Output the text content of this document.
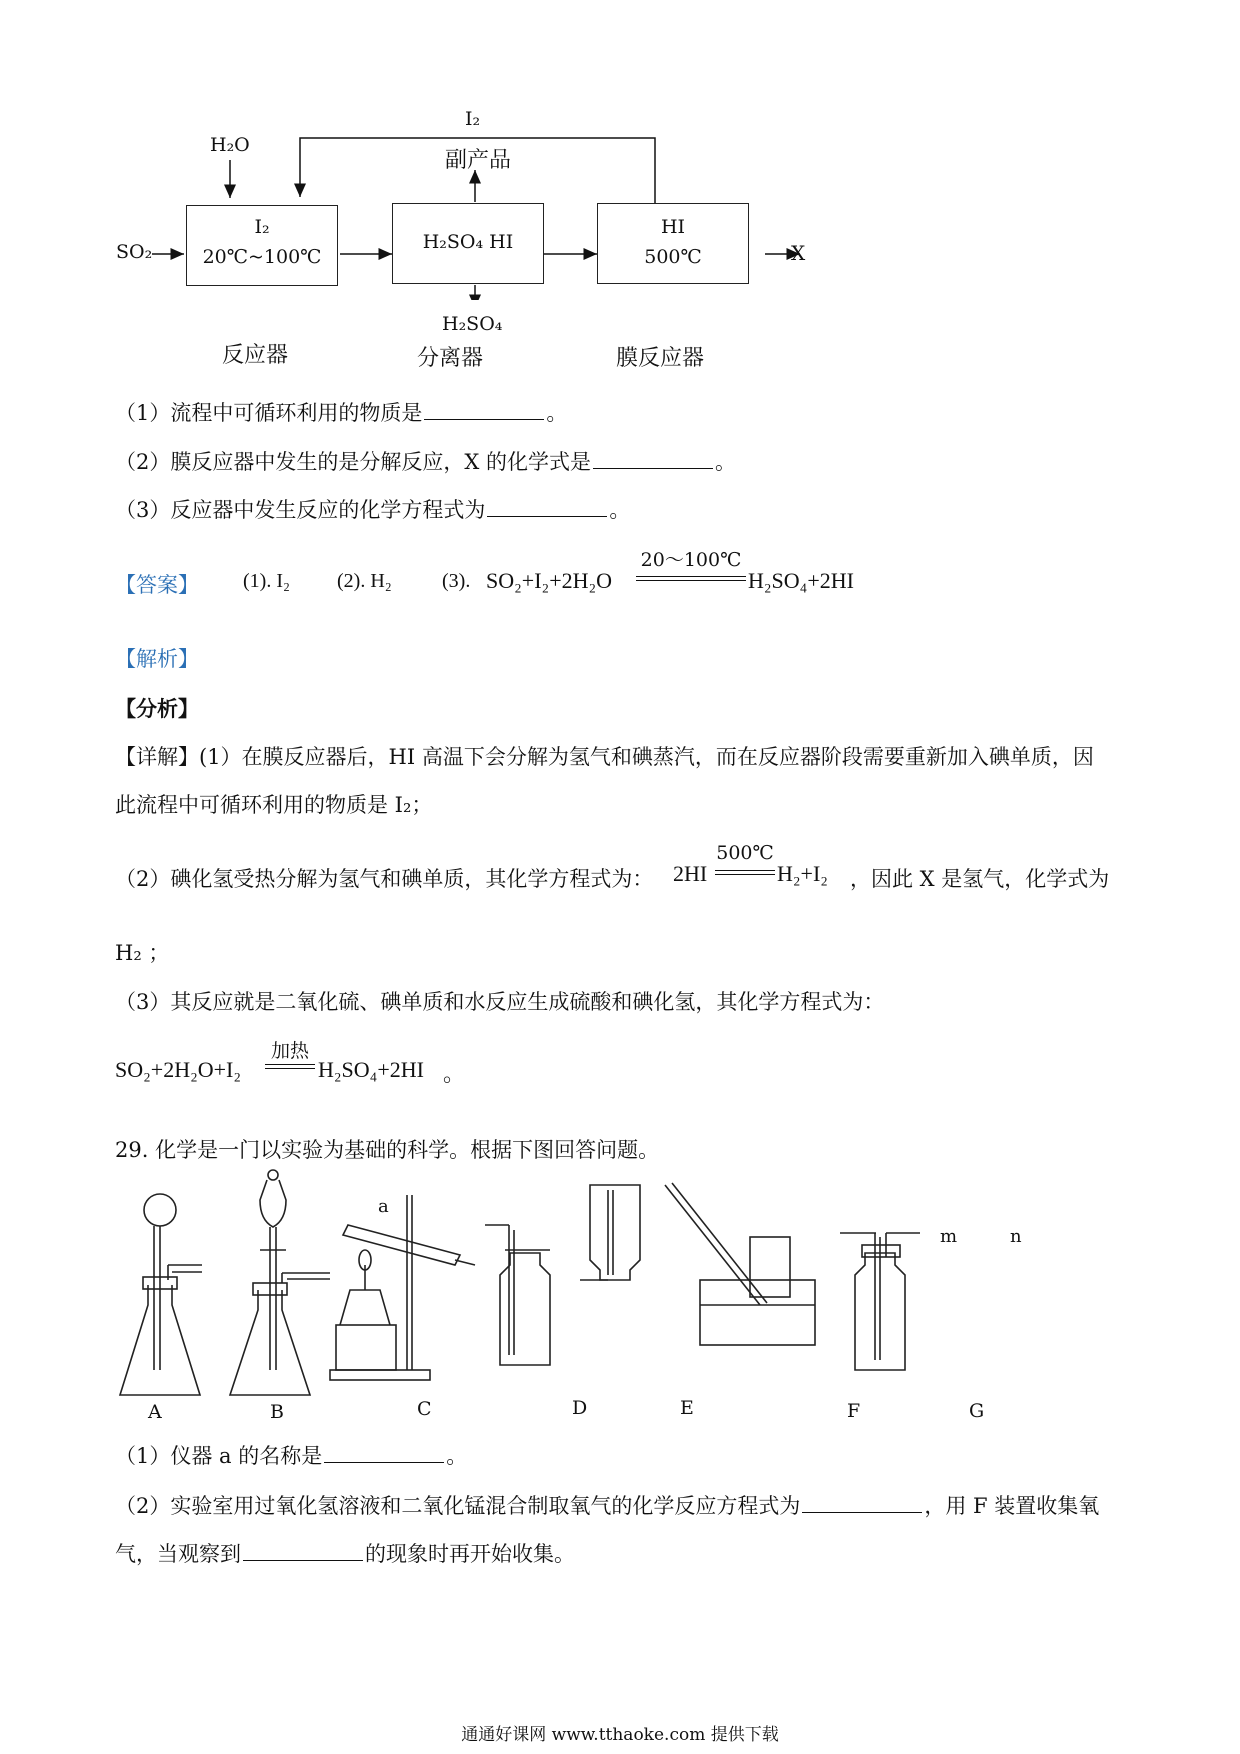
H₂O
SO₂
I₂
副产品
I₂
20℃~100℃
H₂SO₄ HI
HI
500℃	X
H₂SO₄
反应器	分离器	膜反应器
（1）流程中可循环利用的物质是	。
（2）膜反应器中发生的是分解反应，X 的化学式是	。
（3）反应器中发生反应的化学方程式为	。
【答案】 (1). I₂ (2). H₂	(3). SO₂+I₂+2H₂O
20～100℃
H₂SO₄+2HI
【解析】
【分析】
【详解】(1）在膜反应器后，HI 高温下会分解为氢气和碘蒸汽，而在反应器阶段需要重新加入碘单质，因
此流程中可循环利用的物质是 I₂；
（2）碘化氢受热分解为氢气和碘单质，其化学方程式为： 2HI
500℃
H₂+I₂ ，因此 X 是氢气，化学式为
H₂ ；
（3）其反应就是二氧化硫、碘单质和水反应生成硫酸和碘化氢，其化学方程式为：
SO₂+2H₂O+I₂
加热
H₂SO₄+2HI 。
29. 化学是一门以实验为基础的科学。根据下图回答问题。
a
m	n
A	B	C	D	E	F	G
（1）仪器 a 的名称是	。
（2）实验室用过氧化氢溶液和二氧化锰混合制取氧气的化学反应方程式为	，用 F 装置收集氧
气，当观察到	的现象时再开始收集。
通通好课网 www.tthaoke.com 提供下载
